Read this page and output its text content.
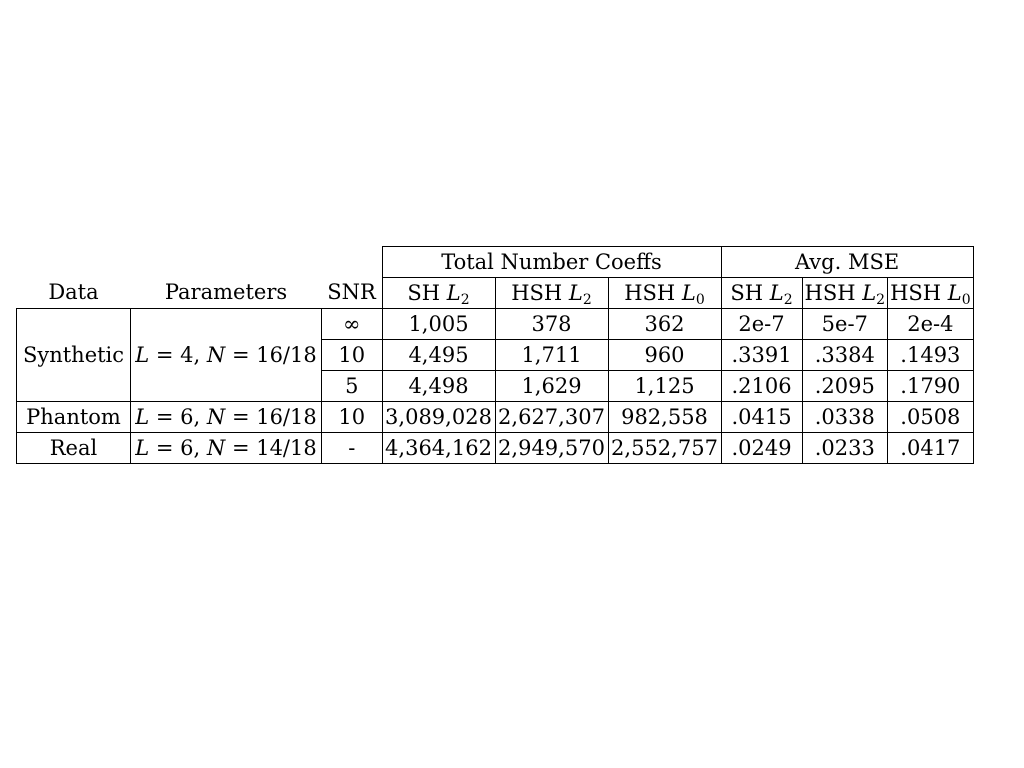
			Total Number Coeffs			Avg. MSE		
Data	Parameters	SNR	SH $L_2$	HSH $L_2$	HSH $L_0$	SH $L_2$	HSH $L_2$	HSH $L_0$
Synthetic	L = 4, N = 16/18	∞	1,005	378	362	2e-7	5e-7	2e-4
		10	4,495	1,711	960	.3391	.3384	.1493
		5	4,498	1,629	1,125	.2106	.2095	.1790
Phantom	L = 6, N = 16/18	10	3,089,028	2,627,307	982,558	.0415	.0338	.0508
Real	L = 6, N = 14/18	-	4,364,162	2,949,570	2,552,757	.0249	.0233	.0417
